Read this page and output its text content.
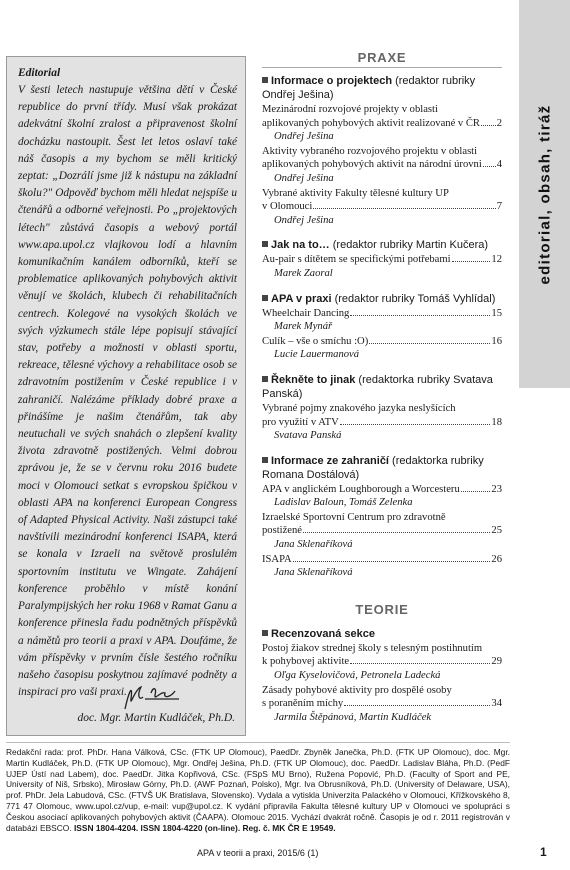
editorial, obsah, tiráž

Editorial

V šesti letech nastupuje většina dětí v České republice do první třídy. Musí však prokázat adekvátní školní zralost a připravenost školní docházku nastoupit. Šest let letos oslaví také náš časopis a my bychom se měli kritický zeptat: „Dozrálí jsme již k nástupu na základní školu?" Odpověď bychom měli hledat nejspíše u čtenářů a odborné veřejnosti. Po „projektových létech" zůstává časopis a webový portál www.apa.upol.cz vlajkovou lodí a hlavním komunikačním kanálem odborníků, kteří se problematice aplikovaných pohybových aktivit věnují ve školách, klubech či rehabilitačních centrech. Kolegové na vysokých školách ve svých výzkumech stále lépe popisují stávající stav, potřeby a možnosti v oblasti sportu, rekreace, tělesné výchovy a rehabilitace osob se zdravotním postižením v České republice i v zahraničí. Nalézáme příklady dobré praxe a přinášíme je našim čtenářům, tak aby neutuchali ve svých snahách o zlepšení kvality života zdravotně postižených. Velmi dobrou zprávou je, že se v červnu roku 2016 budete moci v Olomouci setkat s evropskou špičkou v oblasti APA na konferenci European Congress of Adapted Physical Activity. Naši zástupci také navštívili mezinárodní konferenci ISAPA, která se konala v Izraeli na světově proslulém sportovním institutu ve Wingate. Zahájení konference proběhlo v místě konání Paralympijských her roku 1968 v Ramat Ganu a konference přinesla řadu podnětných příspěvků a námětů pro teorii a praxi v APA. Doufáme, že vám příspěvky v prvním čísle šestého ročníku našeho časopisu poskytnou zajímavé podněty a inspiraci pro vaši praxi.

doc. Mgr. Martin Kudláček, Ph.D.
PRAXE
Informace o projektech (redaktor rubriky Ondřej Ješina)
Mezinárodní rozvojové projekty v oblasti
aplikovaných pohybových aktivit realizované v ČR 2
Ondřej Ješina
Aktivity vybraného rozvojového projektu v oblasti
aplikovaných pohybových aktivit na národní úrovni 4
Ondřej Ješina
Vybrané aktivity Fakulty tělesné kultury UP
v Olomouci	7
Ondřej Ješina
Jak na to… (redaktor rubriky Martin Kučera)
Au-pair s dítětem se specifickými potřebami	12
Marek Zaoral
APA v praxi (redaktor rubriky Tomáš Vyhlídal)
Wheelchair Dancing	15
Marek Mynář
Culík – vše o smíchu :O)	16
Lucie Lauermanová
Řekněte to jinak (redaktorka rubriky Svatava Panská)
Vybrané pojmy znakového jazyka neslyšících
pro využití v ATV	18
Svatava Panská
Informace ze zahraničí (redaktorka rubriky Romana Dostálová)
APA v anglickém Loughborough a Worcesteru	23
Ladislav Baloun, Tomáš Zelenka
Izraelské Sportovní Centrum pro zdravotně
postižené	25
Jana Sklenaříková
ISAPA	26
Jana Sklenaříková
TEORIE
Recenzovaná sekce
Postoj žiakov strednej školy s telesným postihnutím
k pohybovej aktivite	29
Oľga Kyselovičová, Petronela Ladecká
Zásady pohybové aktivity pro dospělé osoby
s poraněním míchy	34
Jarmila Štěpánová, Martin Kudláček
Redakční rada: prof. PhDr. Hana Válková, CSc. (FTK UP Olomouc), PaedDr. Zbyněk Janečka, Ph.D. (FTK UP Olomouc), doc. Mgr. Martin Kudláček, Ph.D. (FTK UP Olomouc), Mgr. Ondřej Ješina, Ph.D. (FTK UP Olomouc), doc. PaedDr. Ladislav Bláha, Ph.D. (PedF UJEP Ústí nad Labem), doc. PaedDr. Jitka Kopřivová, CSc. (FSpS MU Brno), Ružena Popović, Ph.D. (Faculty of Sport and PE, University of Niš, Srbsko), Mirosław Górny, Ph.D. (AWF Poznań, Polsko), Mgr. Iva Obrusníková, Ph.D. (University of Delaware, USA), prof. PhDr. Jela Labudová, CSc. (FTVŠ UK Bratislava, Slovensko). Vydala a vytiskla Univerzita Palackého v Olomouci, Křížkovského 8, 771 47 Olomouc, www.upol.cz/vup, e-mail: vup@upol.cz. K vydání připravila Fakulta tělesné kultury UP v Olomouci ve spolupráci s Českou asociací aplikovaných pohybových aktivit (ČAAPA). Olomouc 2015. Vychází dvakrát ročně. Časopis je od r. 2011 registrován v databázi EBSCO. ISSN 1804-4204. ISSN 1804-4220 (on-line). Reg. č. MK ČR E 19549.
APA v teorii a praxi, 2015/6 (1)	1
